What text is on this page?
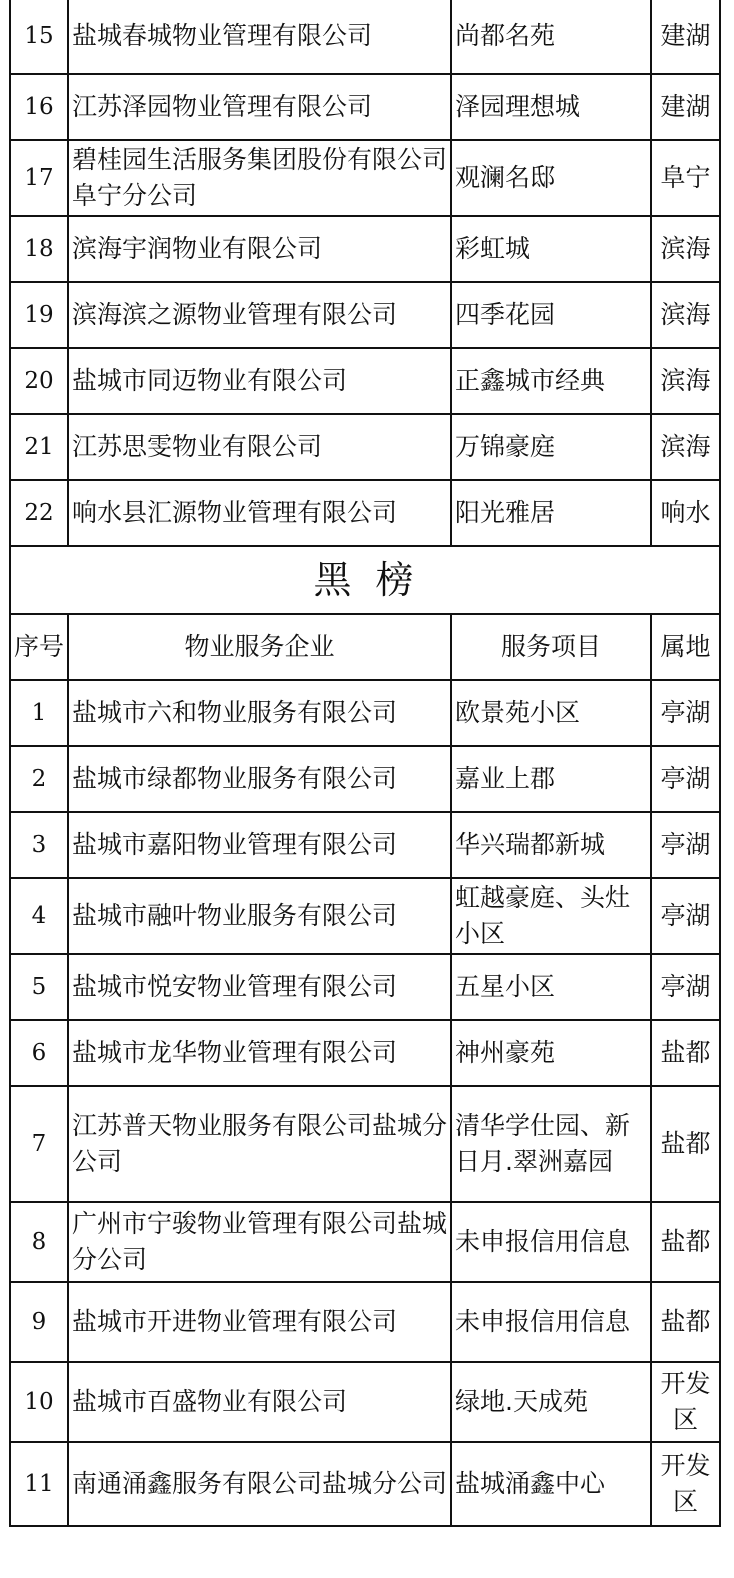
15	盐城春城物业管理有限公司	尚都名苑	建湖
16	江苏泽园物业管理有限公司	泽园理想城	建湖
17	碧桂园生活服务集团股份有限公司阜宁分公司	观澜名邸	阜宁
18	滨海宇润物业有限公司	彩虹城	滨海
19	滨海滨之源物业管理有限公司	四季花园	滨海
20	盐城市同迈物业有限公司	正鑫城市经典	滨海
21	江苏思雯物业有限公司	万锦豪庭	滨海
22	响水县汇源物业管理有限公司	阳光雅居	响水
黑榜			
序号	物业服务企业	服务项目	属地
1	盐城市六和物业服务有限公司	欧景苑小区	亭湖
2	盐城市绿都物业服务有限公司	嘉业上郡	亭湖
3	盐城市嘉阳物业管理有限公司	华兴瑞都新城	亭湖
4	盐城市融叶物业服务有限公司	虹越豪庭、头灶小区	亭湖
5	盐城市悦安物业管理有限公司	五星小区	亭湖
6	盐城市龙华物业管理有限公司	神州豪苑	盐都
7	江苏普天物业服务有限公司盐城分公司	清华学仕园、新日月.翠洲嘉园	盐都
8	广州市宁骏物业管理有限公司盐城分公司	未申报信用信息	盐都
9	盐城市开进物业管理有限公司	未申报信用信息	盐都
10	盐城市百盛物业有限公司	绿地.天成苑	开发区
11	南通涌鑫服务有限公司盐城分公司	盐城涌鑫中心	开发区
